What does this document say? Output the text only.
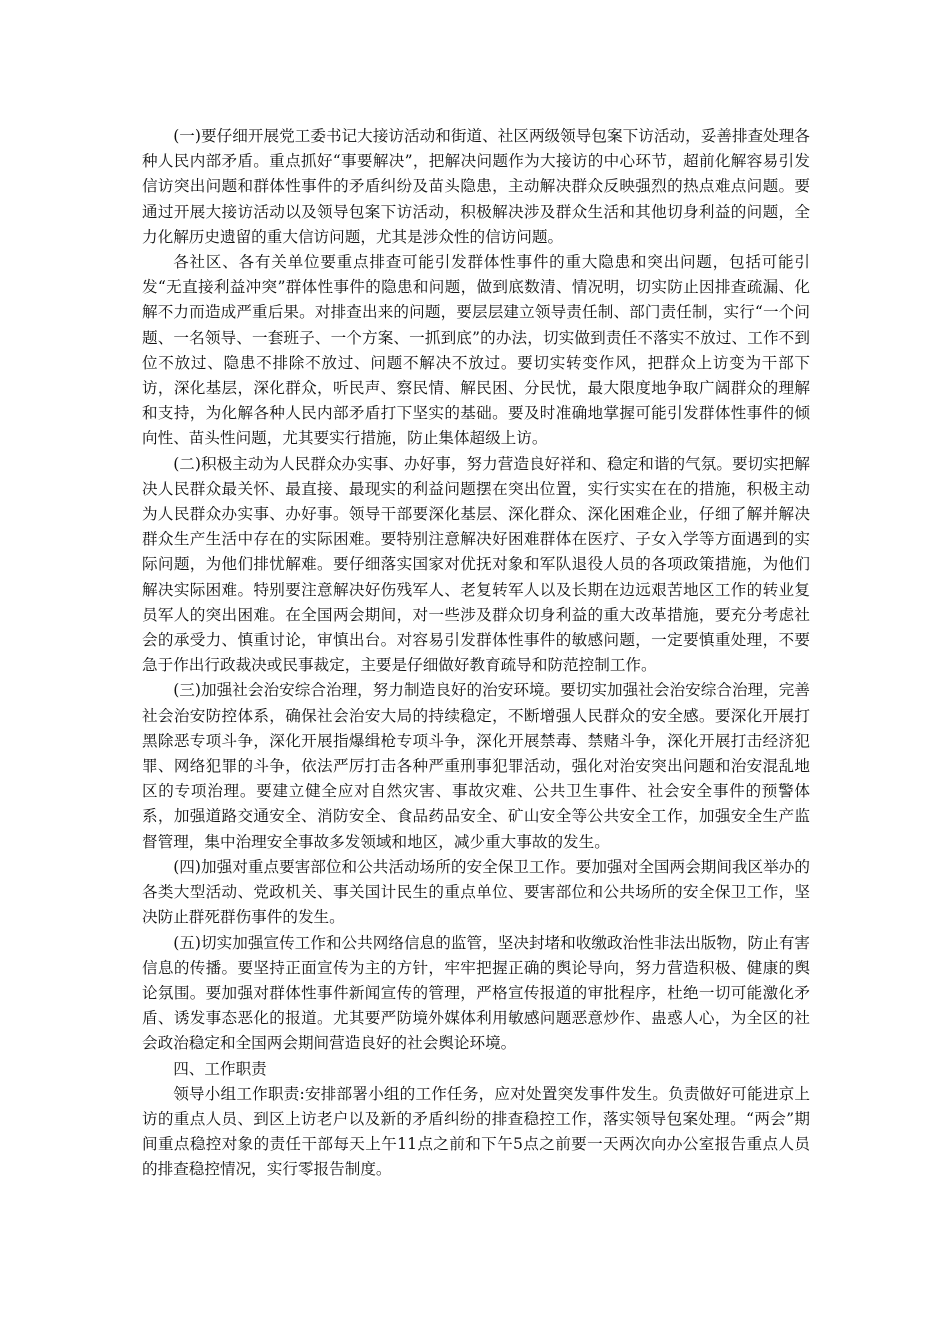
(一)要仔细开展党工委书记大接访活动和街道、社区两级领导包案下访活动，妥善排查处理各种人民内部矛盾。重点抓好“事要解决”，把解决问题作为大接访的中心环节，超前化解容易引发信访突出问题和群体性事件的矛盾纠纷及苗头隐患，主动解决群众反映强烈的热点难点问题。要通过开展大接访活动以及领导包案下访活动，积极解决涉及群众生活和其他切身利益的问题，全力化解历史遗留的重大信访问题，尤其是涉众性的信访问题。

各社区、各有关单位要重点排查可能引发群体性事件的重大隐患和突出问题，包括可能引发“无直接利益冲突”群体性事件的隐患和问题，做到底数清、情况明，切实防止因排查疏漏、化解不力而造成严重后果。对排查出来的问题，要层层建立领导责任制、部门责任制，实行“一个问题、一名领导、一套班子、一个方案、一抓到底”的办法，切实做到责任不落实不放过、工作不到位不放过、隐患不排除不放过、问题不解决不放过。要切实转变作风，把群众上访变为干部下访，深化基层，深化群众，听民声、察民情、解民困、分民忧，最大限度地争取广阔群众的理解和支持，为化解各种人民内部矛盾打下坚实的基础。要及时准确地掌握可能引发群体性事件的倾向性、苗头性问题，尤其要实行措施，防止集体超级上访。

(二)积极主动为人民群众办实事、办好事，努力营造良好祥和、稳定和谐的气氛。要切实把解决人民群众最关怀、最直接、最现实的利益问题摆在突出位置，实行实实在在的措施，积极主动为人民群众办实事、办好事。领导干部要深化基层、深化群众、深化困难企业，仔细了解并解决群众生产生活中存在的实际困难。要特别注意解决好困难群体在医疗、子女入学等方面遇到的实际问题，为他们排忧解难。要仔细落实国家对优抚对象和军队退役人员的各项政策措施，为他们解决实际困难。特别要注意解决好伤残军人、老复转军人以及长期在边远艰苦地区工作的转业复员军人的突出困难。在全国两会期间，对一些涉及群众切身利益的重大改革措施，要充分考虑社会的承受力、慎重讨论，审慎出台。对容易引发群体性事件的敏感问题，一定要慎重处理，不要急于作出行政裁决或民事裁定，主要是仔细做好教育疏导和防范控制工作。

(三)加强社会治安综合治理，努力制造良好的治安环境。要切实加强社会治安综合治理，完善社会治安防控体系，确保社会治安大局的持续稳定，不断增强人民群众的安全感。要深化开展打黑除恶专项斗争，深化开展指爆缉枪专项斗争，深化开展禁毒、禁赌斗争，深化开展打击经济犯罪、网络犯罪的斗争，依法严厉打击各种严重刑事犯罪活动，强化对治安突出问题和治安混乱地区的专项治理。要建立健全应对自然灾害、事故灾难、公共卫生事件、社会安全事件的预警体系，加强道路交通安全、消防安全、食品药品安全、矿山安全等公共安全工作，加强安全生产监督管理，集中治理安全事故多发领域和地区，减少重大事故的发生。

(四)加强对重点要害部位和公共活动场所的安全保卫工作。要加强对全国两会期间我区举办的各类大型活动、党政机关、事关国计民生的重点单位、要害部位和公共场所的安全保卫工作，坚决防止群死群伤事件的发生。

(五)切实加强宣传工作和公共网络信息的监管，坚决封堵和收缴政治性非法出版物，防止有害信息的传播。要坚持正面宣传为主的方针，牢牢把握正确的舆论导向，努力营造积极、健康的舆论氛围。要加强对群体性事件新闻宣传的管理，严格宣传报道的审批程序，杜绝一切可能激化矛盾、诱发事态恶化的报道。尤其要严防境外媒体利用敏感问题恶意炒作、蛊惑人心，为全区的社会政治稳定和全国两会期间营造良好的社会舆论环境。

四、工作职责

领导小组工作职责:安排部署小组的工作任务，应对处置突发事件发生。负责做好可能进京上访的重点人员、到区上访老户以及新的矛盾纠纷的排查稳控工作，落实领导包案处理。“两会”期间重点稳控对象的责任干部每天上午11点之前和下午5点之前要一天两次向办公室报告重点人员的排查稳控情况，实行零报告制度。
